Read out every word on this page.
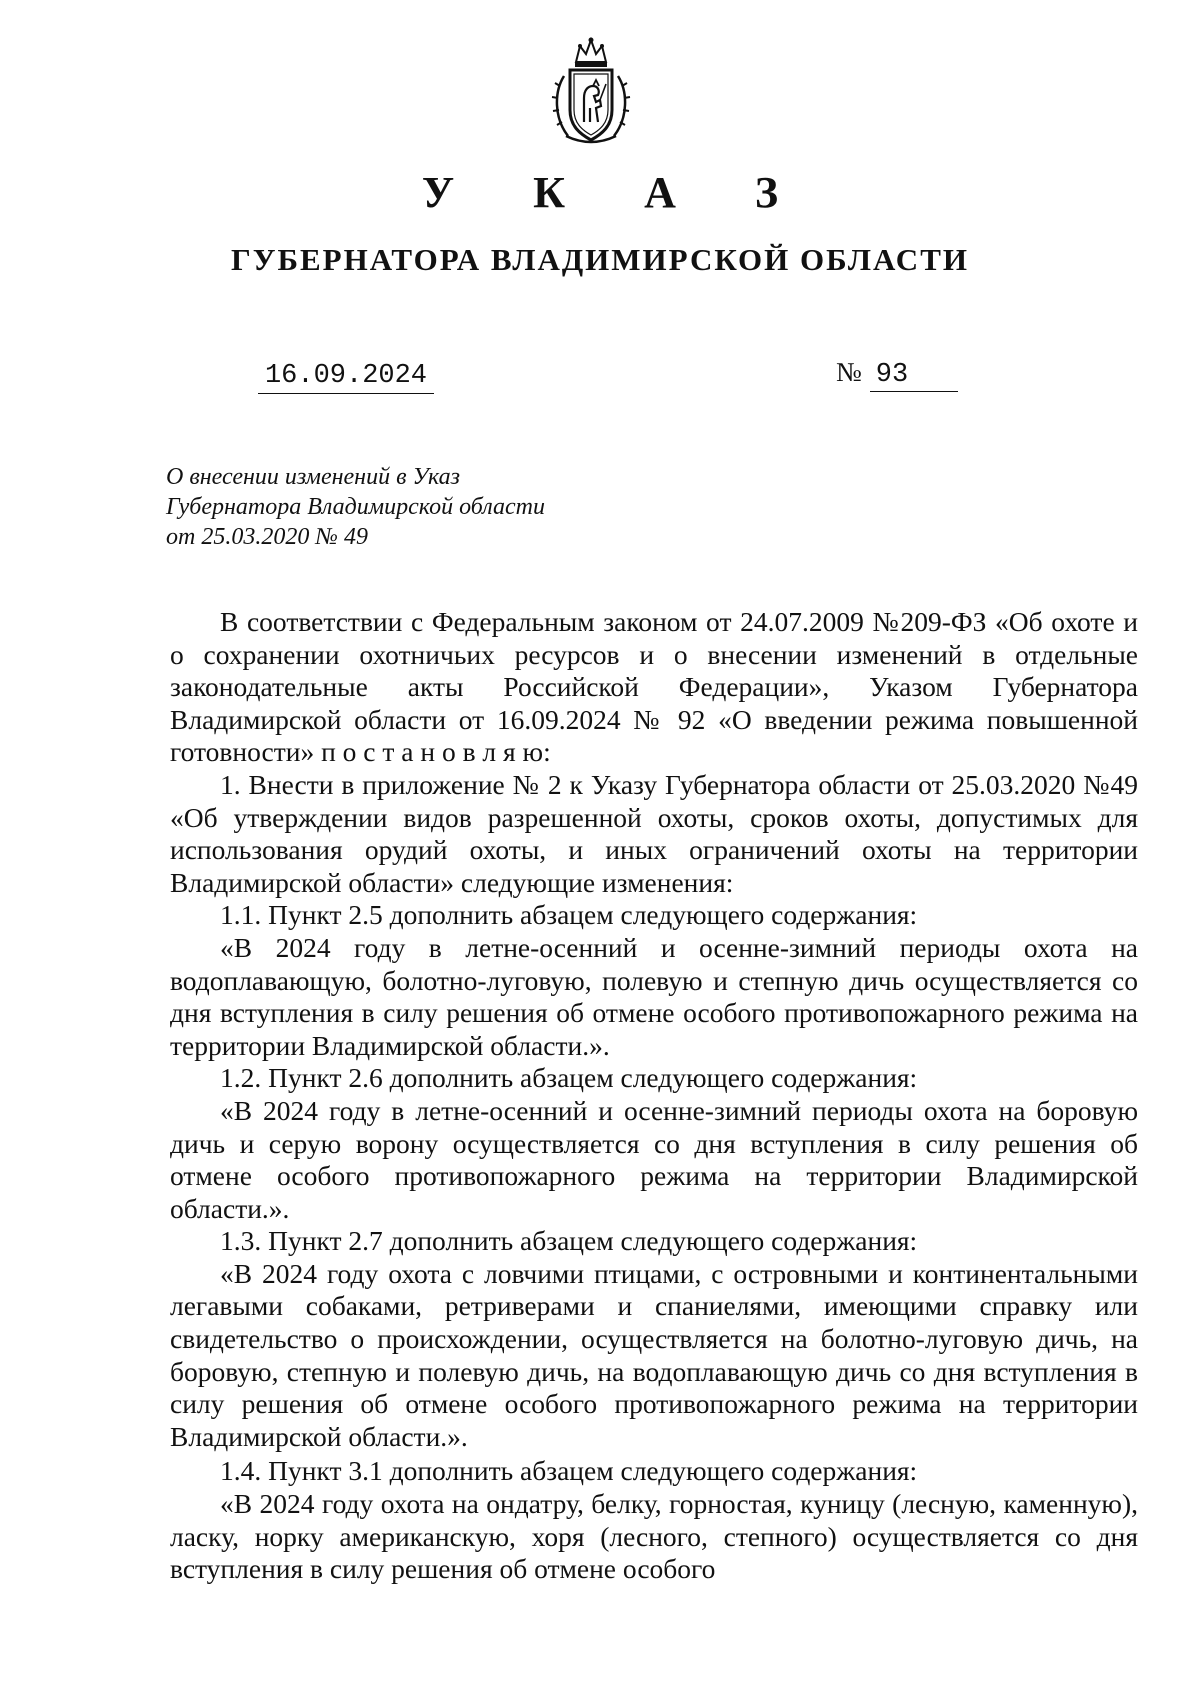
У К А З
ГУБЕРНАТОРА ВЛАДИМИРСКОЙ ОБЛАСТИ
16.09.2024	№ 93
О внесении изменений в Указ
Губернатора Владимирской области
от 25.03.2020 № 49

В соответствии с Федеральным законом от 24.07.2009 №209-ФЗ «Об охоте и о сохранении охотничьих ресурсов и о внесении изменений в отдельные законодательные акты Российской Федерации», Указом Губернатора Владимирской области от 16.09.2024 № 92 «О введении режима повышенной готовности» п о с т а н о в л я ю:

1. Внести в приложение № 2 к Указу Губернатора области от 25.03.2020 №49 «Об утверждении видов разрешенной охоты, сроков охоты, допустимых для использования орудий охоты, и иных ограничений охоты на территории Владимирской области» следующие изменения:

1.1. Пункт 2.5 дополнить абзацем следующего содержания:

«В 2024 году в летне-осенний и осенне-зимний периоды охота на водоплавающую, болотно-луговую, полевую и степную дичь осуществляется со дня вступления в силу решения об отмене особого противопожарного режима на территории Владимирской области.».

1.2. Пункт 2.6 дополнить абзацем следующего содержания:

«В 2024 году в летне-осенний и осенне-зимний периоды охота на боровую дичь и серую ворону осуществляется со дня вступления в силу решения об отмене особого противопожарного режима на территории Владимирской области.».

1.3. Пункт 2.7 дополнить абзацем следующего содержания:

«В 2024 году охота с ловчими птицами, с островными и континентальными легавыми собаками, ретриверами и спаниелями, имеющими справку или свидетельство о происхождении, осуществляется на болотно-луговую дичь, на боровую, степную и полевую дичь, на водоплавающую дичь со дня вступления в силу решения об отмене особого противопожарного режима на территории Владимирской области.».

1.4. Пункт 3.1 дополнить абзацем следующего содержания:

«В 2024 году охота на ондатру, белку, горностая, куницу (лесную, каменную), ласку, норку американскую, хоря (лесного, степного) осуществляется со дня вступления в силу решения об отмене особого
